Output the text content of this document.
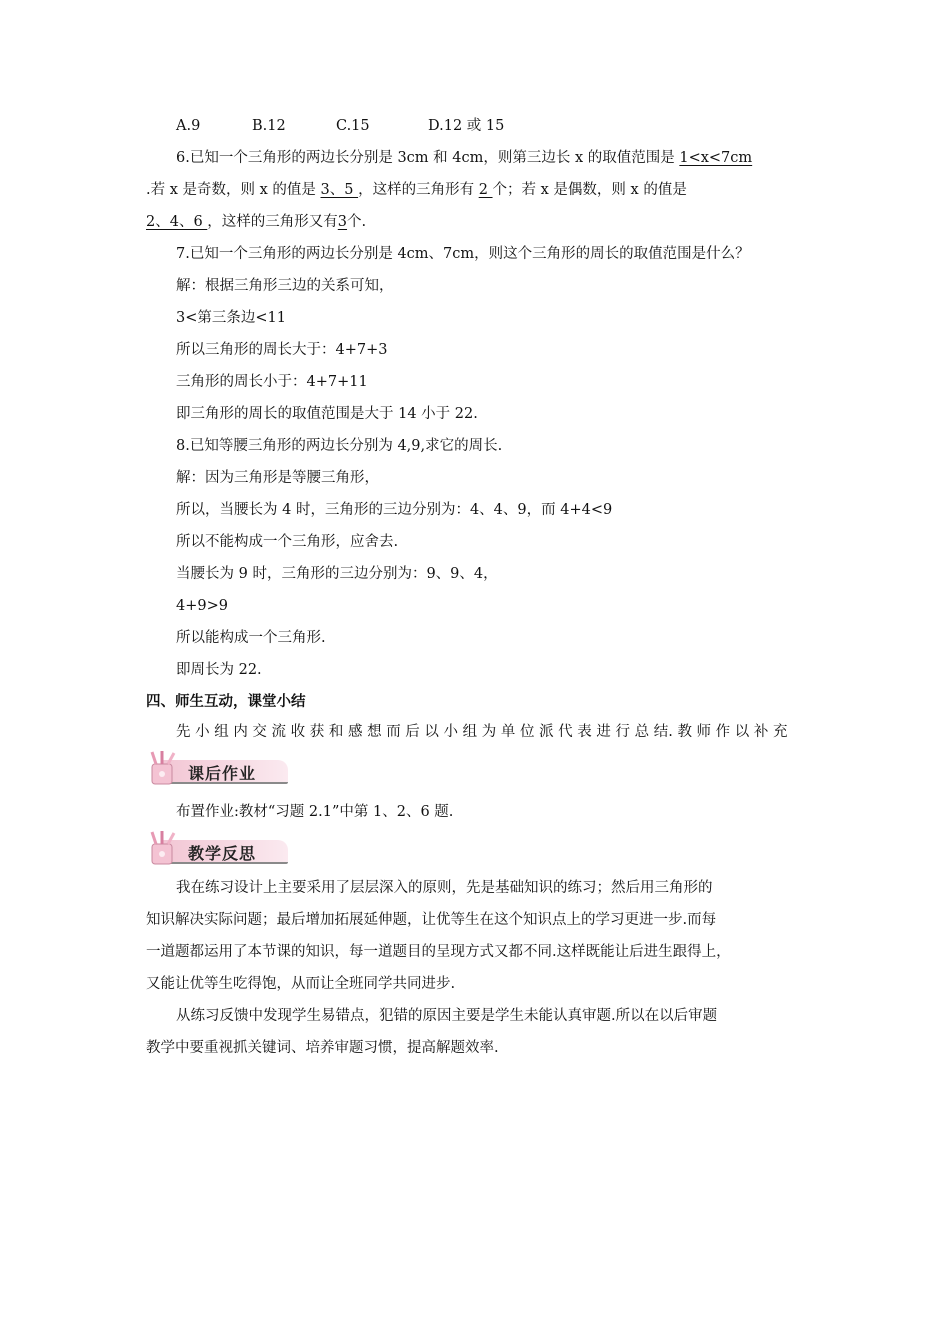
A.9	B.12	C.15	D.12 或 15
6.已知一个三角形的两边长分别是 3cm 和 4cm，则第三边长 x 的取值范围是 1<x<7cm
.若 x 是奇数，则 x 的值是 3、5 ，这样的三角形有 2 个；若 x 是偶数，则 x 的值是
2、4、6 ，这样的三角形又有3个.
7.已知一个三角形的两边长分别是 4cm、7cm，则这个三角形的周长的取值范围是什么？
解：根据三角形三边的关系可知，
3<第三条边<11
所以三角形的周长大于：4+7+3
三角形的周长小于：4+7+11
即三角形的周长的取值范围是大于 14 小于 22.
8.已知等腰三角形的两边长分别为 4,9,求它的周长.
解：因为三角形是等腰三角形，
所以，当腰长为 4 时，三角形的三边分别为：4、4、9，而 4+4<9
所以不能构成一个三角形，应舍去.
当腰长为 9 时，三角形的三边分别为：9、9、4，
4+9>9
所以能构成一个三角形.
即周长为 22.
四、师生互动，课堂小结
先 小 组 内 交 流 收 获 和 感 想 而 后 以 小 组 为 单 位 派 代 表 进 行 总 结. 教 师 作 以 补 充
课后作业
布置作业:教材“习题 2.1”中第 1、2、6 题.
教学反思
我在练习设计上主要采用了层层深入的原则，先是基础知识的练习；然后用三角形的
知识解决实际问题；最后增加拓展延伸题，让优等生在这个知识点上的学习更进一步.而每
一道题都运用了本节课的知识，每一道题目的呈现方式又都不同.这样既能让后进生跟得上，
又能让优等生吃得饱，从而让全班同学共同进步.
从练习反馈中发现学生易错点，犯错的原因主要是学生未能认真审题.所以在以后审题
教学中要重视抓关键词、培养审题习惯，提高解题效率.
